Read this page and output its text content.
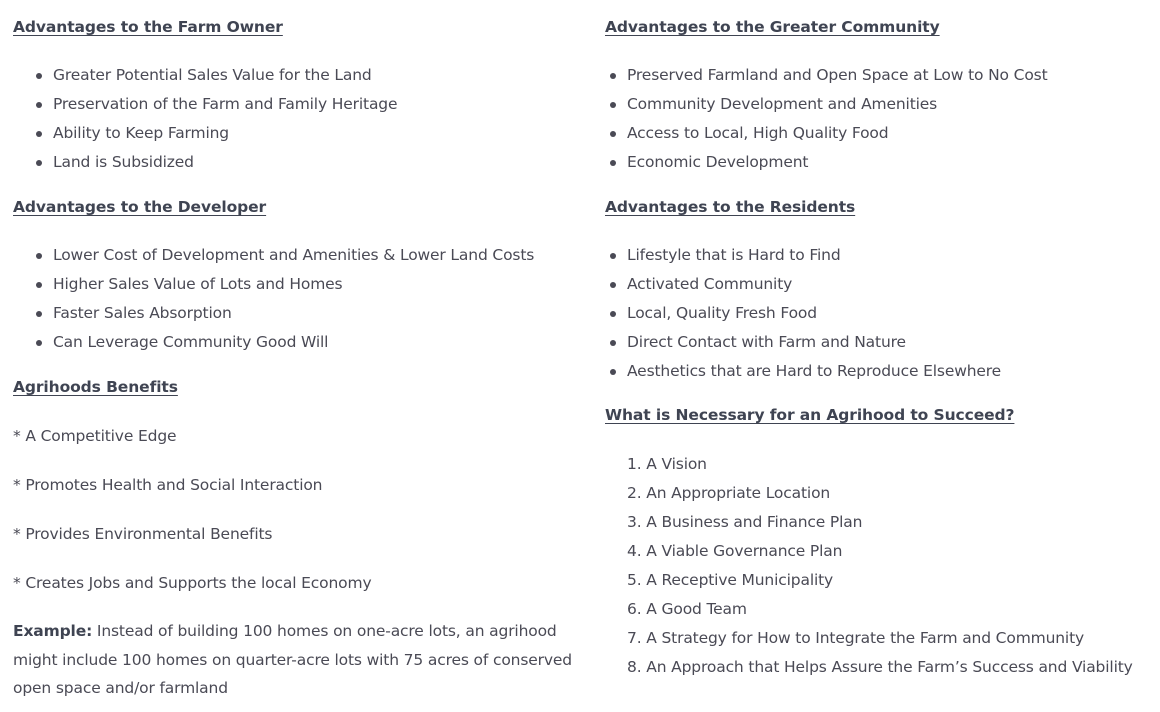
Advantages to the Farm Owner
Greater Potential Sales Value for the Land
Preservation of the Farm and Family Heritage
Ability to Keep Farming
Land is Subsidized
Advantages to the Developer
Lower Cost of Development and Amenities & Lower Land Costs
Higher Sales Value of Lots and Homes
Faster Sales Absorption
Can Leverage Community Good Will
Agrihoods Benefits
* A Competitive Edge
* Promotes Health and Social Interaction
* Provides Environmental Benefits
* Creates Jobs and Supports the local Economy
Example: Instead of building 100 homes on one-acre lots, an agrihood might include 100 homes on quarter-acre lots with 75 acres of conserved open space and/or farmland
Advantages to the Greater Community
Preserved Farmland and Open Space at Low to No Cost
Community Development and Amenities
Access to Local, High Quality Food
Economic Development
Advantages to the Residents
Lifestyle that is Hard to Find
Activated Community
Local, Quality Fresh Food
Direct Contact with Farm and Nature
Aesthetics that are Hard to Reproduce Elsewhere
What is Necessary for an Agrihood to Succeed?
1. A Vision
2. An Appropriate Location
3. A Business and Finance Plan
4. A Viable Governance Plan
5. A Receptive Municipality
6. A Good Team
7. A Strategy for How to Integrate the Farm and Community
8. An Approach that Helps Assure the Farm’s Success and Viability
